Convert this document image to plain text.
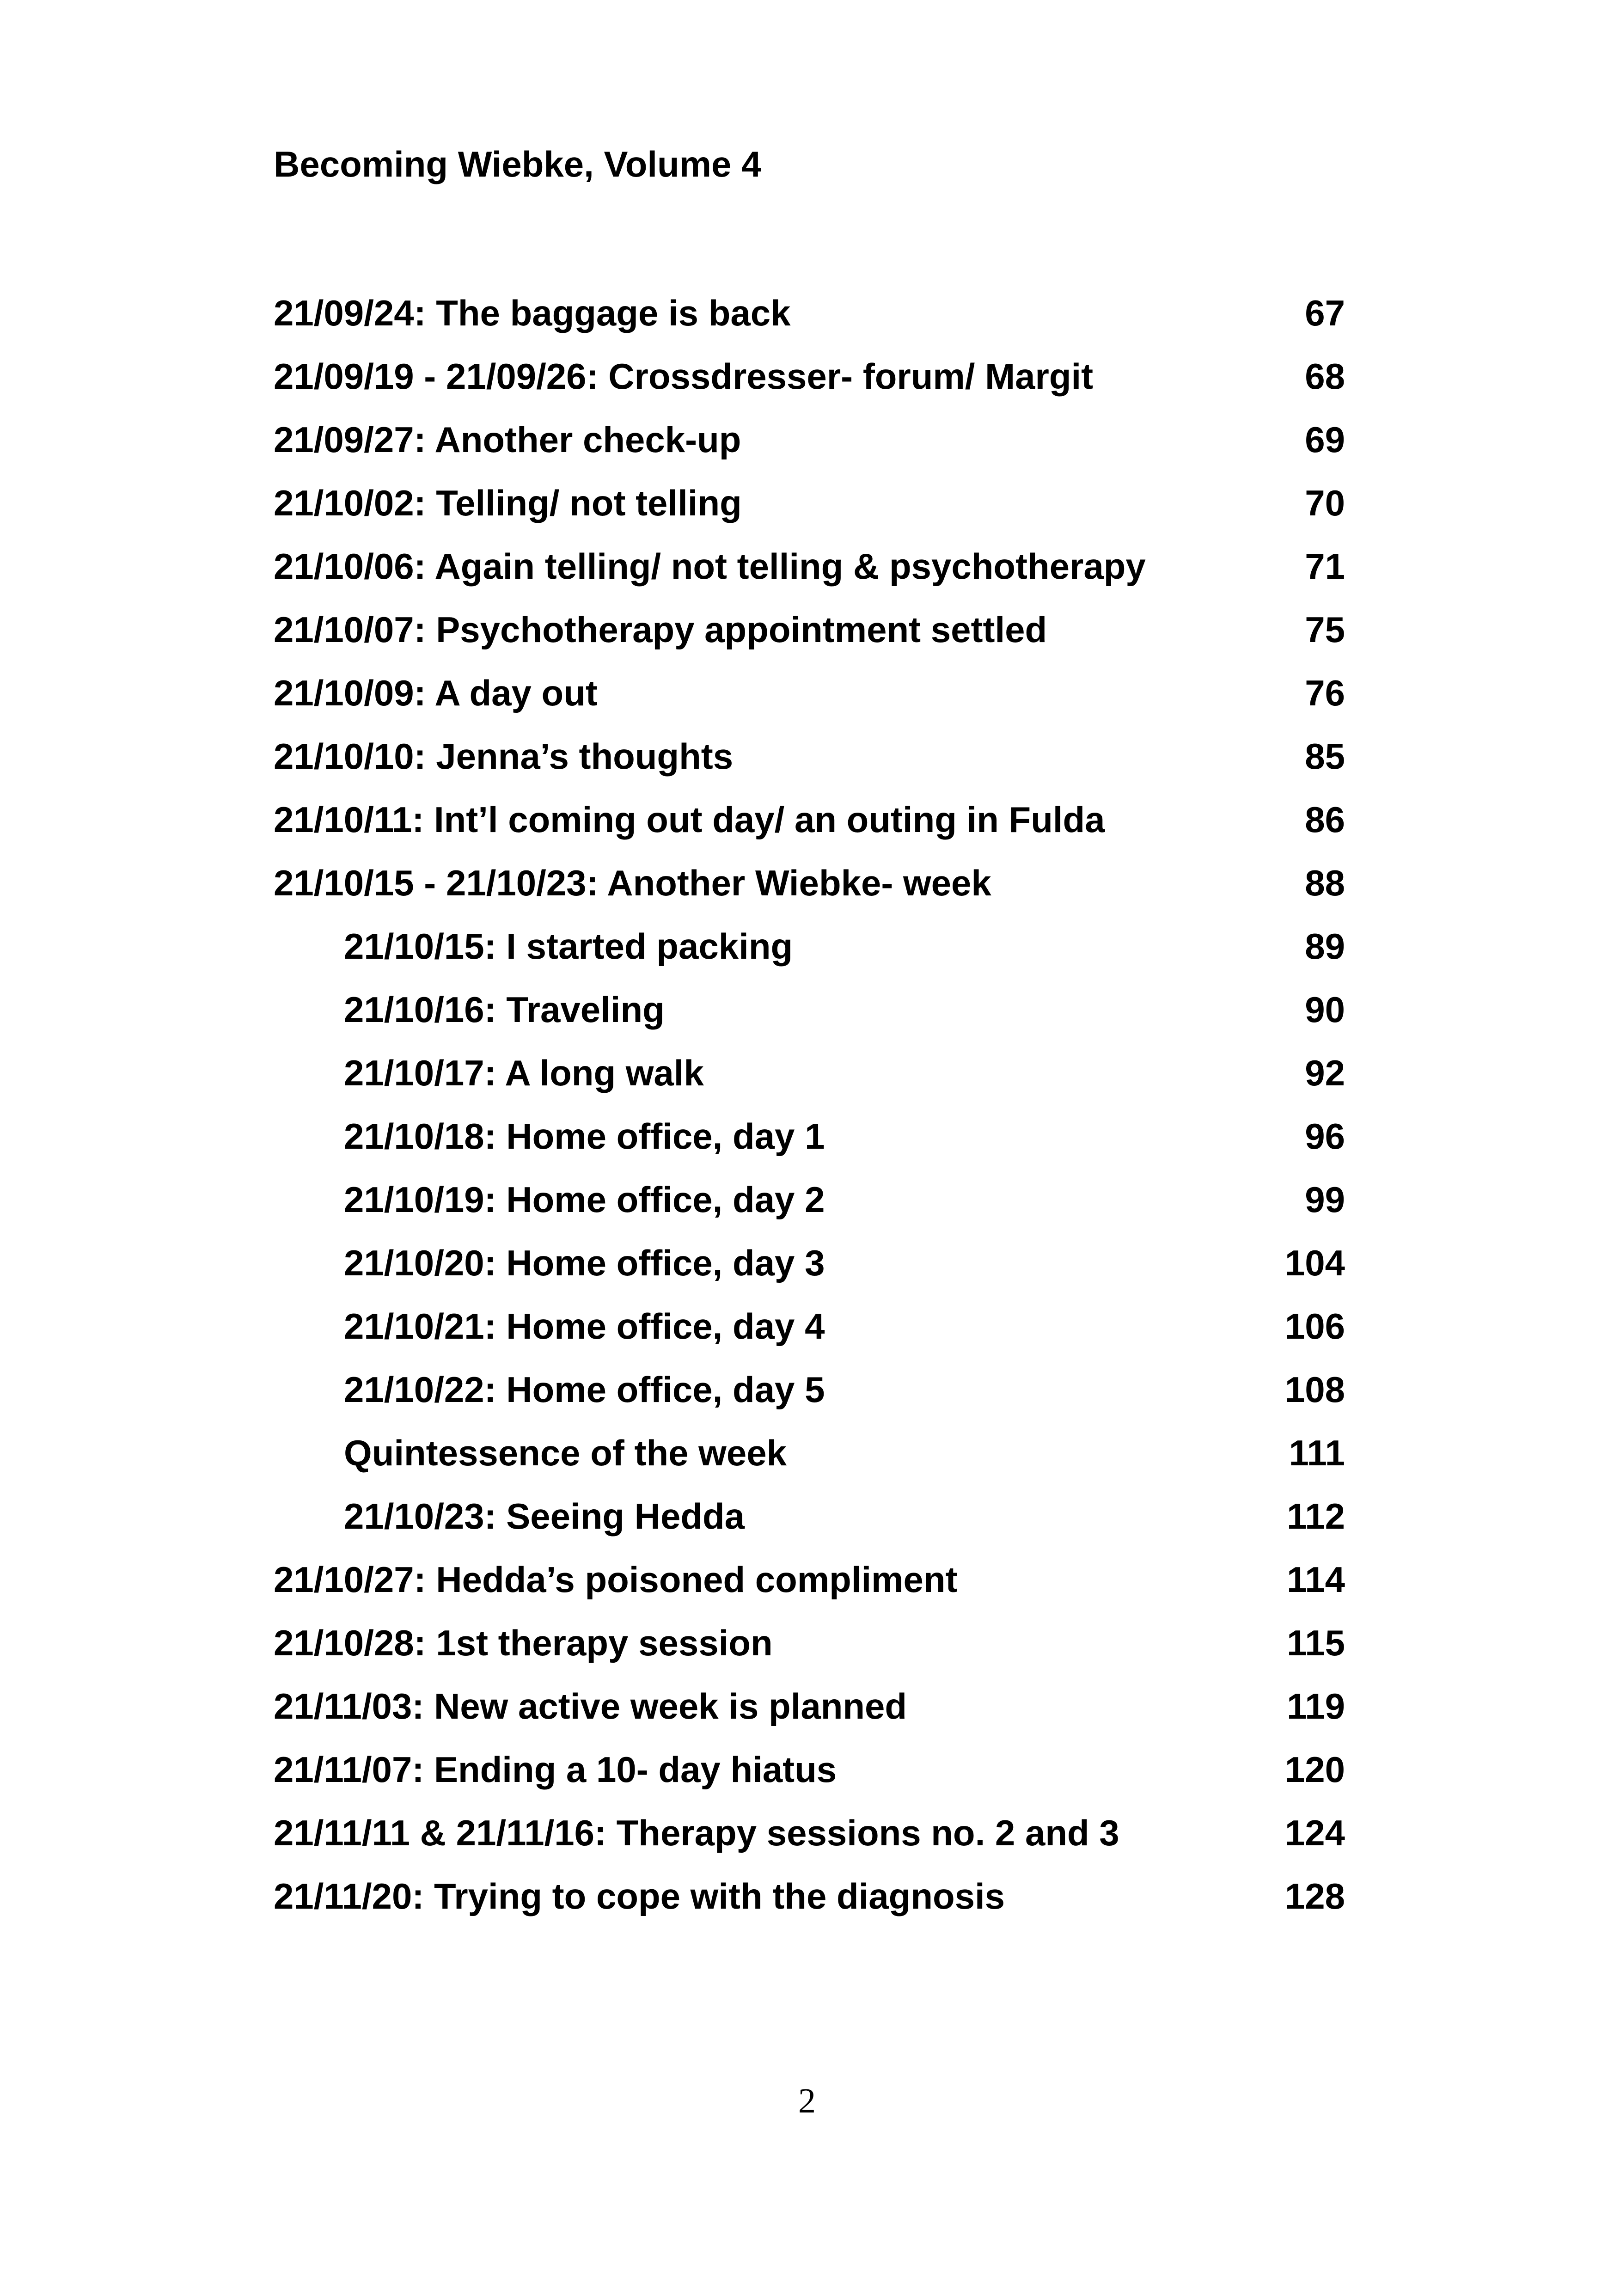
Becoming Wiebke, Volume 4
21/09/24: The baggage is back	67
21/09/19 - 21/09/26: Crossdresser- forum/ Margit	68
21/09/27: Another check-up	69
21/10/02: Telling/ not telling	70
21/10/06: Again telling/ not telling & psychotherapy	71
21/10/07: Psychotherapy appointment settled	75
21/10/09: A day out	76
21/10/10: Jenna’s thoughts	85
21/10/11: Int’l coming out day/ an outing in Fulda	86
21/10/15 - 21/10/23: Another Wiebke- week	88
21/10/15: I started packing	89
21/10/16: Traveling	90
21/10/17: A long walk	92
21/10/18: Home office, day 1	96
21/10/19: Home office, day 2	99
21/10/20: Home office, day 3	104
21/10/21: Home office, day 4	106
21/10/22: Home office, day 5	108
Quintessence of the week	111
21/10/23: Seeing Hedda	112
21/10/27: Hedda’s poisoned compliment	114
21/10/28: 1st therapy session	115
21/11/03: New active week is planned	119
21/11/07: Ending a 10- day hiatus	120
21/11/11 & 21/11/16: Therapy sessions no. 2 and 3	124
21/11/20: Trying to cope with the diagnosis	128
2
